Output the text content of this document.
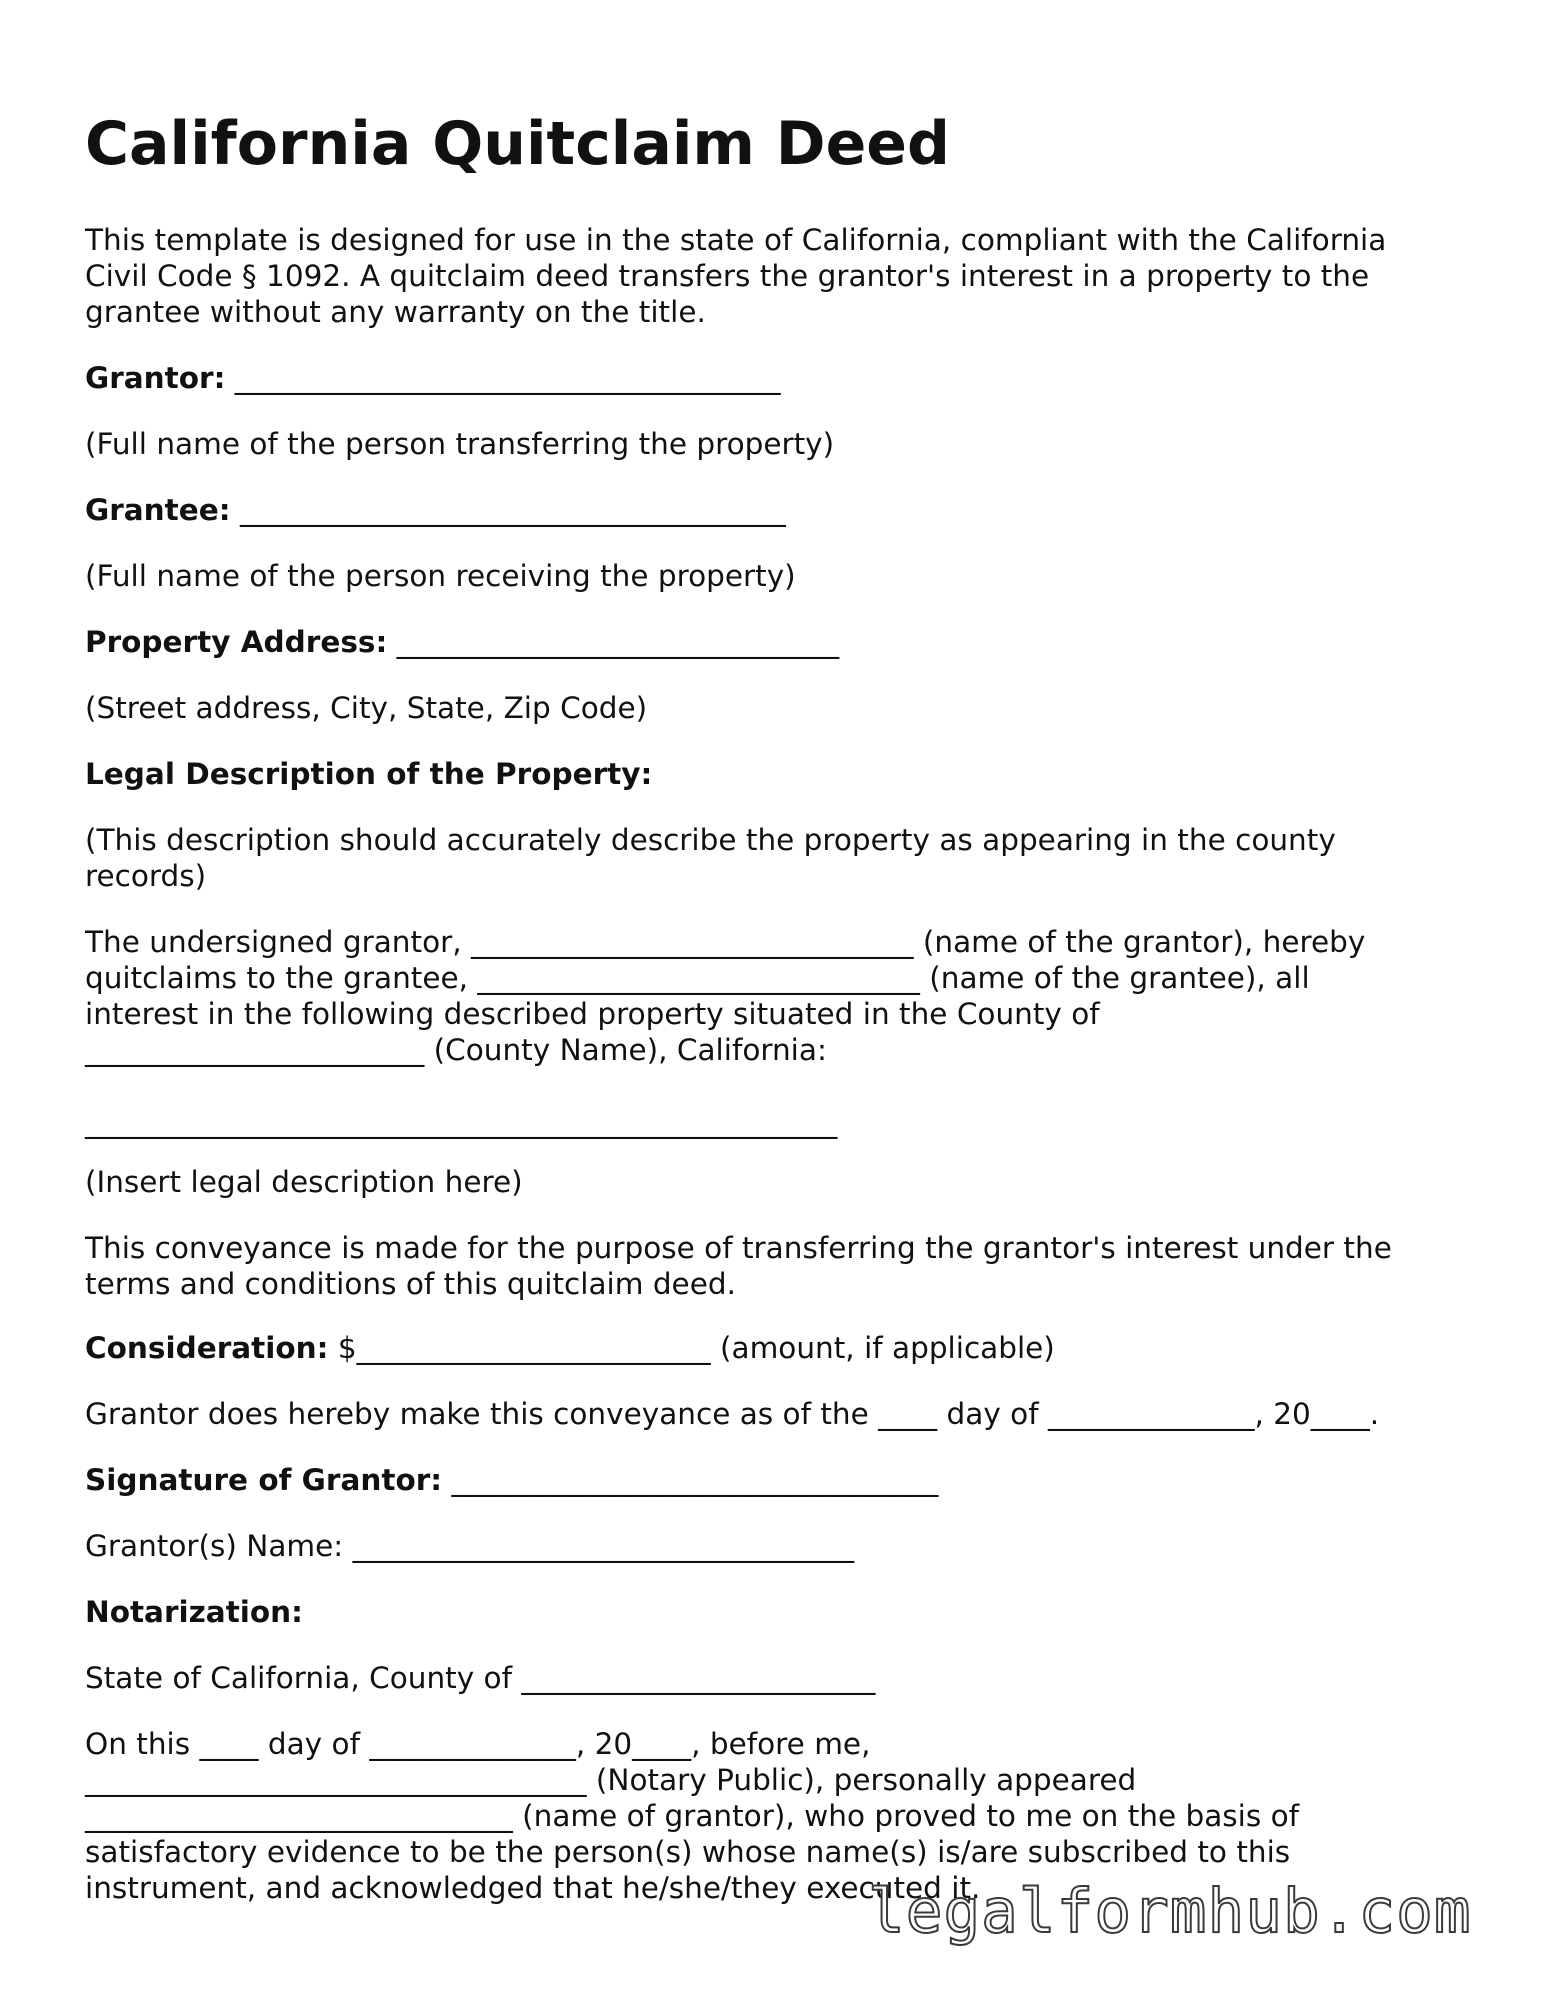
California Quitclaim Deed
This template is designed for use in the state of California, compliant with the California
Civil Code § 1092. A quitclaim deed transfers the grantor's interest in a property to the
grantee without any warranty on the title.
Grantor: _____________________________________
(Full name of the person transferring the property)
Grantee: _____________________________________
(Full name of the person receiving the property)
Property Address: ______________________________
(Street address, City, State, Zip Code)
Legal Description of the Property:
(This description should accurately describe the property as appearing in the county
records)
The undersigned grantor, ______________________________ (name of the grantor), hereby
quitclaims to the grantee, ______________________________ (name of the grantee), all
interest in the following described property situated in the County of
_______________________ (County Name), California:
___________________________________________________
(Insert legal description here)
This conveyance is made for the purpose of transferring the grantor's interest under the
terms and conditions of this quitclaim deed.
Consideration: $________________________ (amount, if applicable)
Grantor does hereby make this conveyance as of the ____ day of ______________, 20____.
Signature of Grantor: _________________________________
Grantor(s) Name: __________________________________
Notarization:
State of California, County of ________________________
On this ____ day of ______________, 20____, before me,
__________________________________ (Notary Public), personally appeared
_____________________________ (name of grantor), who proved to me on the basis of
satisfactory evidence to be the person(s) whose name(s) is/are subscribed to this
instrument, and acknowledged that he/she/they executed it.
legalformhub.com
